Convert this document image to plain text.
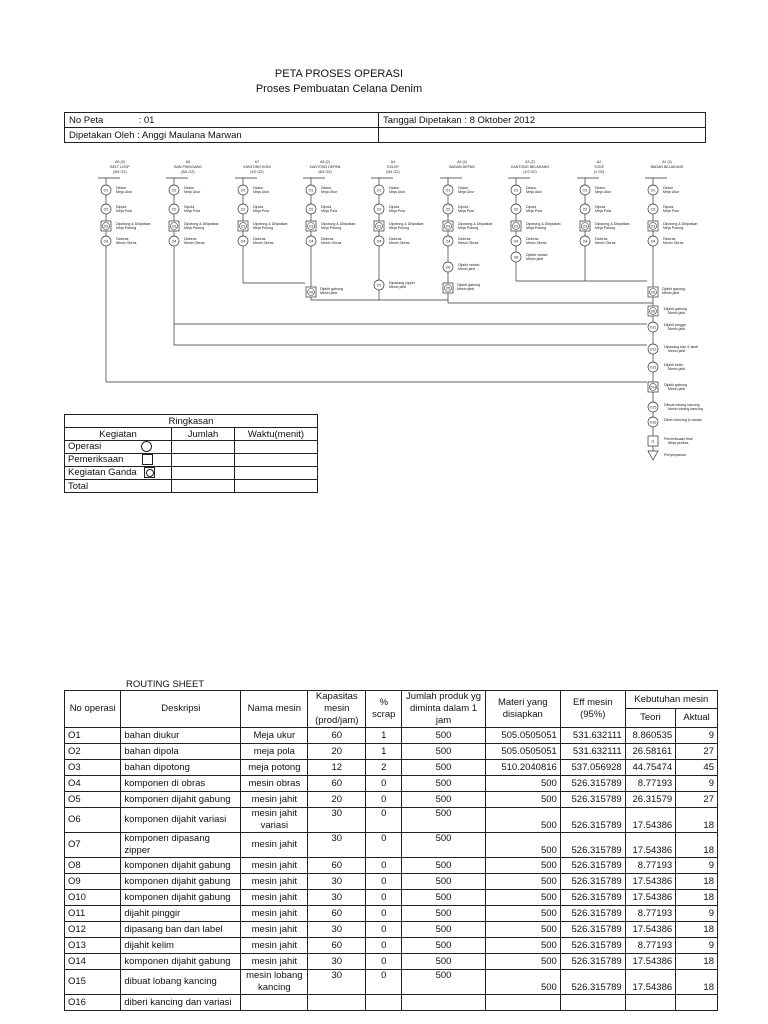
PETA PROSES OPERASI
Proses Pembuatan Celana Denim
No Peta : 01	Tanggal Dipetakan : 8 Oktober 2012
Dipetakan Oleh : Anggi Maulana Marwan	
A6 (9)
BELT LOOP
(8/4 OZ)
O1
Diukur
Meja Ukur
O2
Dipola
Meja Pola
O3
Dipotong & Dilipatkan
Meja Potong
O4
Diobras
Mesin Obras
A5
BAN PINGGANG
(8/4 OZ)
O1
Diukur
Meja Ukur
O2
Dipola
Meja Pola
O3
Dipotong & Dilipatkan
Meja Potong
O4
Diobras
Mesin Obras
A7
KANTONG KOIN
(4/2 OZ)
O1
Diukur
Meja Ukur
O2
Dipola
Meja Pola
O3
Dipotong & Dilipatkan
Meja Potong
O4
Diobras
Mesin Obras
A5 (2)
KANTONG DEPAN
(8/4 OZ)
O1
Diukur
Meja Ukur
O2
Dipola
Meja Pola
O3
Dipotong & Dilipatkan
Meja Potong
O4
Diobras
Mesin Obras
A4
GOLBY
(8/4 OZ)
O1
Diukur
Meja Ukur
O2
Dipola
Meja Pola
O3
Dipotong & Dilipatkan
Meja Potong
O4
Diobras
Mesin Obras
A4 (4)
BADAN DEPAN
O1
Diukur
Meja Ukur
O2
Dipola
Meja Pola
O3
Dipotong & Dilipatkan
Meja Potong
O4
Diobras
Mesin Obras
A3 (2)
KANTONG BELAKANG
(1/2 OZ)
O1
Diukur
Meja Ukur
O2
Dipola
Meja Pola
O3
Dipotong & Dilipatkan
Meja Potong
O4
Diobras
Mesin Obras
A2
YOKE
(1 OZ)
O1
Diukur
Meja Ukur
O2
Dipola
Meja Pola
O3
Dipotong & Dilipatkan
Meja Potong
O4
Diobras
Mesin Obras
A1 (2)
BADAN BELAKANG
O1
Diukur
Meja Ukur
O2
Dipola
Meja Pola
O3
Dipotong & Dilipatkan
Meja Potong
O4
Diobras
Mesin Obras
O5
Dijahit gabung
Mesin jahit
O7
Dipasang zipper
Mesin jahit
O6
Dijahit variasi
Mesin jahit
O6
Dijahit variasi
Mesin jahit
O5
Dijahit gabung
Mesin jahit
O5
Dijahit gabung
Mesin jahit
O8
Dijahit gabung
Mesin jahit
O11
Dijahit pinggir
Mesin jahit
O12
Dipasang ban & label
Mesin jahit
O13
Dijahit kelim
Mesin jahit
O14
Dijahit gabung
Mesin jahit
O15
Dibuat lobang kancing
Mesin lobang kancing
O16
Diberi kancing & variasi
I1
Pemeriksaan final
Meja periksa
Penyimpanan
Ringkasan		
Kegiatan	Jumlah	Waktu(menit)
Operasi		
Pemeriksaan		
Kegiatan Ganda		
Total		
ROUTING SHEET
No operasi	Deskripsi	Nama mesin	Kapasitas mesin (prod/jam)	% scrap	Jumlah produk yg diminta dalam 1 jam	Materi yang disiapkan	Eff mesin (95%)	Kebutuhan mesin	
								Teori	Aktual
O1	bahan diukur	Meja ukur	60	1	500	505.0505051	531.632111	8.860535	9
O2	bahan dipola	meja pola	20	1	500	505.0505051	531.632111	26.58161	27
O3	bahan dipotong	meja potong	12	2	500	510.2040816	537.056928	44.75474	45
O4	komponen di obras	mesin obras	60	0	500	500	526.315789	8.77193	9
O5	komponen dijahit gabung	mesin jahit	20	0	500	500	526.315789	26.31579	27
O6	komponen dijahit variasi	mesin jahit variasi	30	0	500	500	526.315789	17.54386	18
O7	komponen dipasang zipper	mesin jahit	30	0	500	500	526.315789	17.54386	18
O8	komponen dijahit gabung	mesin jahit	60	0	500	500	526.315789	8.77193	9
O9	komponen dijahit gabung	mesin jahit	30	0	500	500	526.315789	17.54386	18
O10	komponen dijahit gabung	mesin jahit	30	0	500	500	526.315789	17.54386	18
O11	dijahit pinggir	mesin jahit	60	0	500	500	526.315789	8.77193	9
O12	dipasang ban dan label	mesin jahit	30	0	500	500	526.315789	17.54386	18
O13	dijahit kelim	mesin jahit	60	0	500	500	526.315789	8.77193	9
O14	komponen dijahit gabung	mesin jahit	30	0	500	500	526.315789	17.54386	18
O15	dibuat lobang kancing	mesin lobang kancing	30	0	500	500	526.315789	17.54386	18
O16	diberi kancing dan variasi								
